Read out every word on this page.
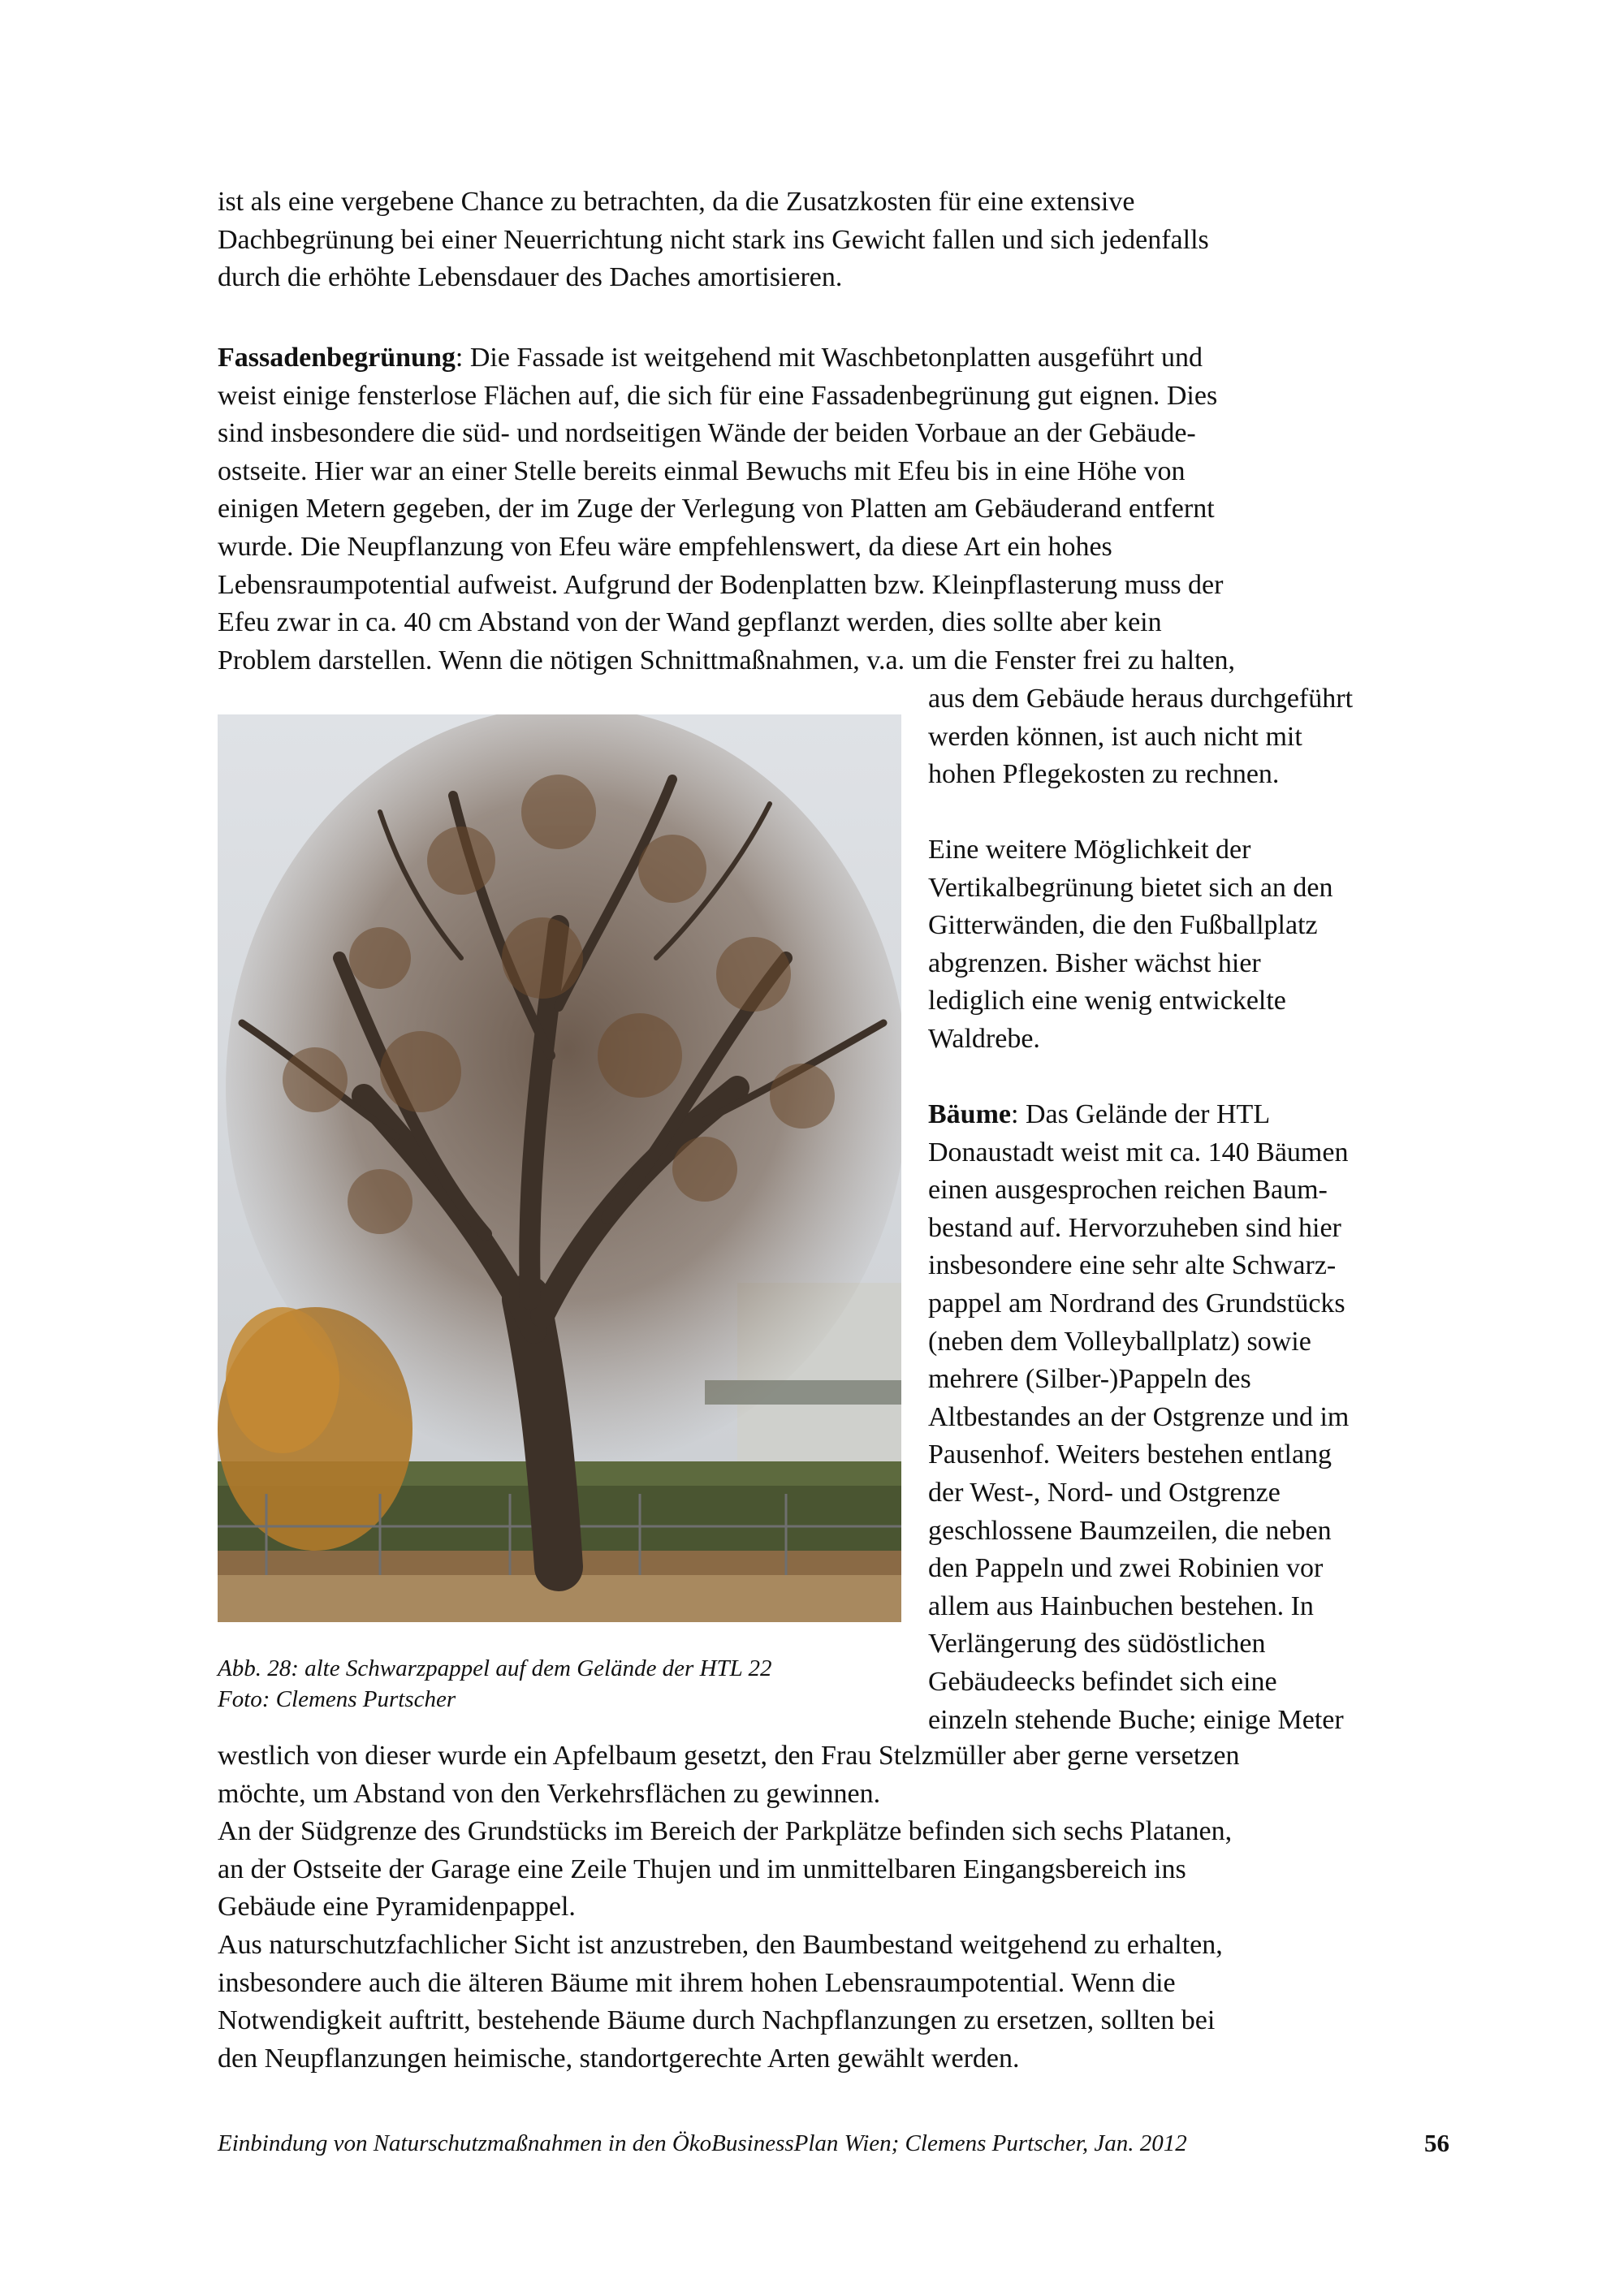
ist als eine vergebene Chance zu betrachten, da die Zusatzkosten für eine extensive
Dachbegrünung bei einer Neuerrichtung nicht stark ins Gewicht fallen und sich jedenfalls
durch die erhöhte Lebensdauer des Daches amortisieren.

Fassadenbegrünung: Die Fassade ist weitgehend mit Waschbetonplatten ausgeführt und
weist einige fensterlose Flächen auf, die sich für eine Fassadenbegrünung gut eignen. Dies
sind insbesondere die süd- und nordseitigen Wände der beiden Vorbaue an der Gebäude-
ostseite. Hier war an einer Stelle bereits einmal Bewuchs mit Efeu bis in eine Höhe von
einigen Metern gegeben, der im Zuge der Verlegung von Platten am Gebäuderand entfernt
wurde. Die Neupflanzung von Efeu wäre empfehlenswert, da diese Art ein hohes
Lebensraumpotential aufweist. Aufgrund der Bodenplatten bzw. Kleinpflasterung muss der
Efeu zwar in ca. 40 cm Abstand von der Wand gepflanzt werden, dies sollte aber kein
Problem darstellen. Wenn die nötigen Schnittmaßnahmen, v.a. um die Fenster frei zu halten,

aus dem Gebäude heraus durchgeführt
werden können, ist auch nicht mit
hohen Pflegekosten zu rechnen.

Eine weitere Möglichkeit der
Vertikalbegrünung bietet sich an den
Gitterwänden, die den Fußballplatz
abgrenzen. Bisher wächst hier
lediglich eine wenig entwickelte
Waldrebe.

Bäume: Das Gelände der HTL
Donaustadt weist mit ca. 140 Bäumen
einen ausgesprochen reichen Baum-
bestand auf. Hervorzuheben sind hier
insbesondere eine sehr alte Schwarz-
pappel am Nordrand des Grundstücks
(neben dem Volleyballplatz) sowie
mehrere (Silber-)Pappeln des
Altbestandes an der Ostgrenze und im
Pausenhof. Weiters bestehen entlang
der West-, Nord- und Ostgrenze
geschlossene Baumzeilen, die neben
den Pappeln und zwei Robinien vor
allem aus Hainbuchen bestehen. In
Verlängerung des südöstlichen
Gebäudeecks befindet sich eine
einzeln stehende Buche; einige Meter

Abb. 28: alte Schwarzpappel auf dem Gelände der HTL 22
Foto: Clemens Purtscher

westlich von dieser wurde ein Apfelbaum gesetzt, den Frau Stelzmüller aber gerne versetzen
möchte, um Abstand von den Verkehrsflächen zu gewinnen.
An der Südgrenze des Grundstücks im Bereich der Parkplätze befinden sich sechs Platanen,
an der Ostseite der Garage eine Zeile Thujen und im unmittelbaren Eingangsbereich ins
Gebäude eine Pyramidenpappel.
Aus naturschutzfachlicher Sicht ist anzustreben, den Baumbestand weitgehend zu erhalten,
insbesondere auch die älteren Bäume mit ihrem hohen Lebensraumpotential. Wenn die
Notwendigkeit auftritt, bestehende Bäume durch Nachpflanzungen zu ersetzen, sollten bei
den Neupflanzungen heimische, standortgerechte Arten gewählt werden.

Einbindung von Naturschutzmaßnahmen in den ÖkoBusinessPlan Wien; Clemens Purtscher, Jan. 2012	56
